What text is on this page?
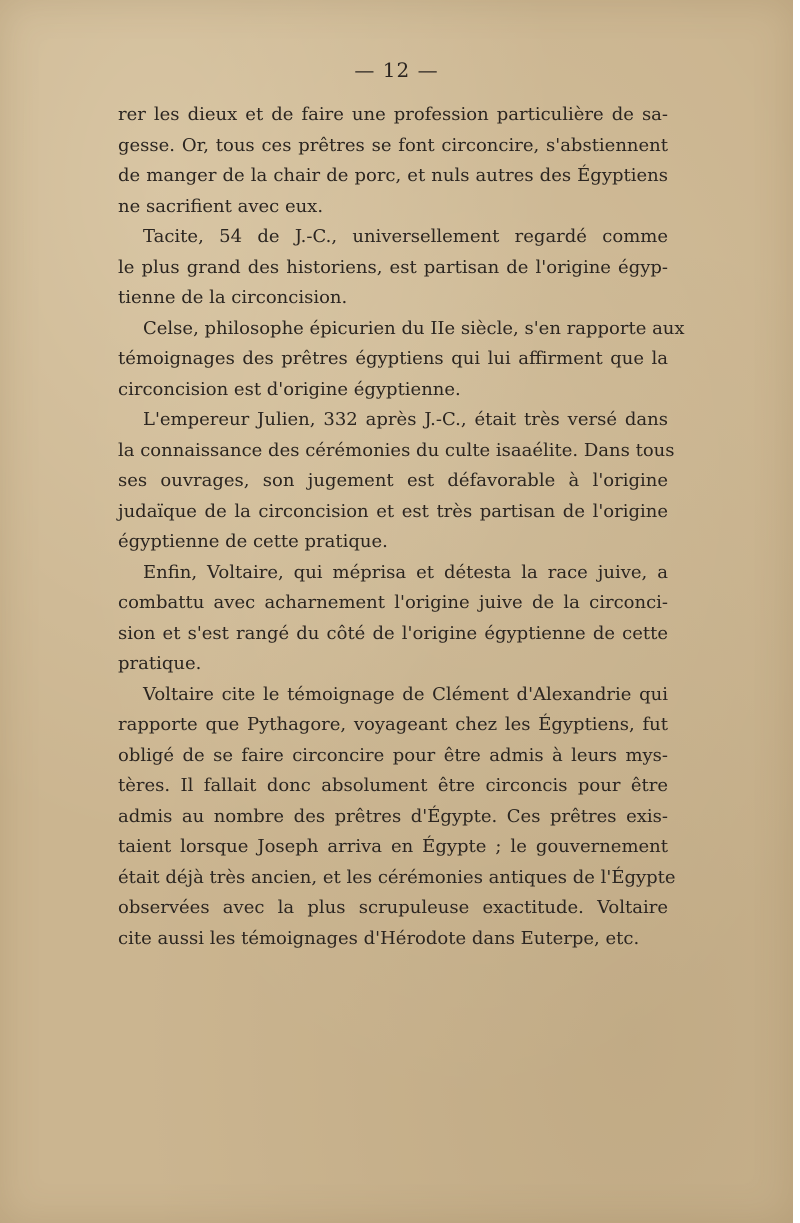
— 12 —
rer les dieux et de faire une profession particulière de sa-
gesse. Or, tous ces prêtres se font circoncire, s'abstiennent
de manger de la chair de porc, et nuls autres des Égyptiens
ne sacrifient avec eux.
Tacite, 54 de J.-C., universellement regardé comme
le plus grand des historiens, est partisan de l'origine égyp-
tienne de la circoncision.
Celse, philosophe épicurien du IIe siècle, s'en rapporte aux
témoignages des prêtres égyptiens qui lui affirment que la
circoncision est d'origine égyptienne.
L'empereur Julien, 332 après J.-C., était très versé dans
la connaissance des cérémonies du culte isaaélite. Dans tous
ses ouvrages, son jugement est défavorable à l'origine
judaïque de la circoncision et est très partisan de l'origine
égyptienne de cette pratique.
Enfin, Voltaire, qui méprisa et détesta la race juive, a
combattu avec acharnement l'origine juive de la circonci-
sion et s'est rangé du côté de l'origine égyptienne de cette
pratique.
Voltaire cite le témoignage de Clément d'Alexandrie qui
rapporte que Pythagore, voyageant chez les Égyptiens, fut
obligé de se faire circoncire pour être admis à leurs mys-
tères. Il fallait donc absolument être circoncis pour être
admis au nombre des prêtres d'Égypte. Ces prêtres exis-
taient lorsque Joseph arriva en Égypte ; le gouvernement
était déjà très ancien, et les cérémonies antiques de l'Égypte
observées avec la plus scrupuleuse exactitude. Voltaire
cite aussi les témoignages d'Hérodote dans Euterpe, etc.
